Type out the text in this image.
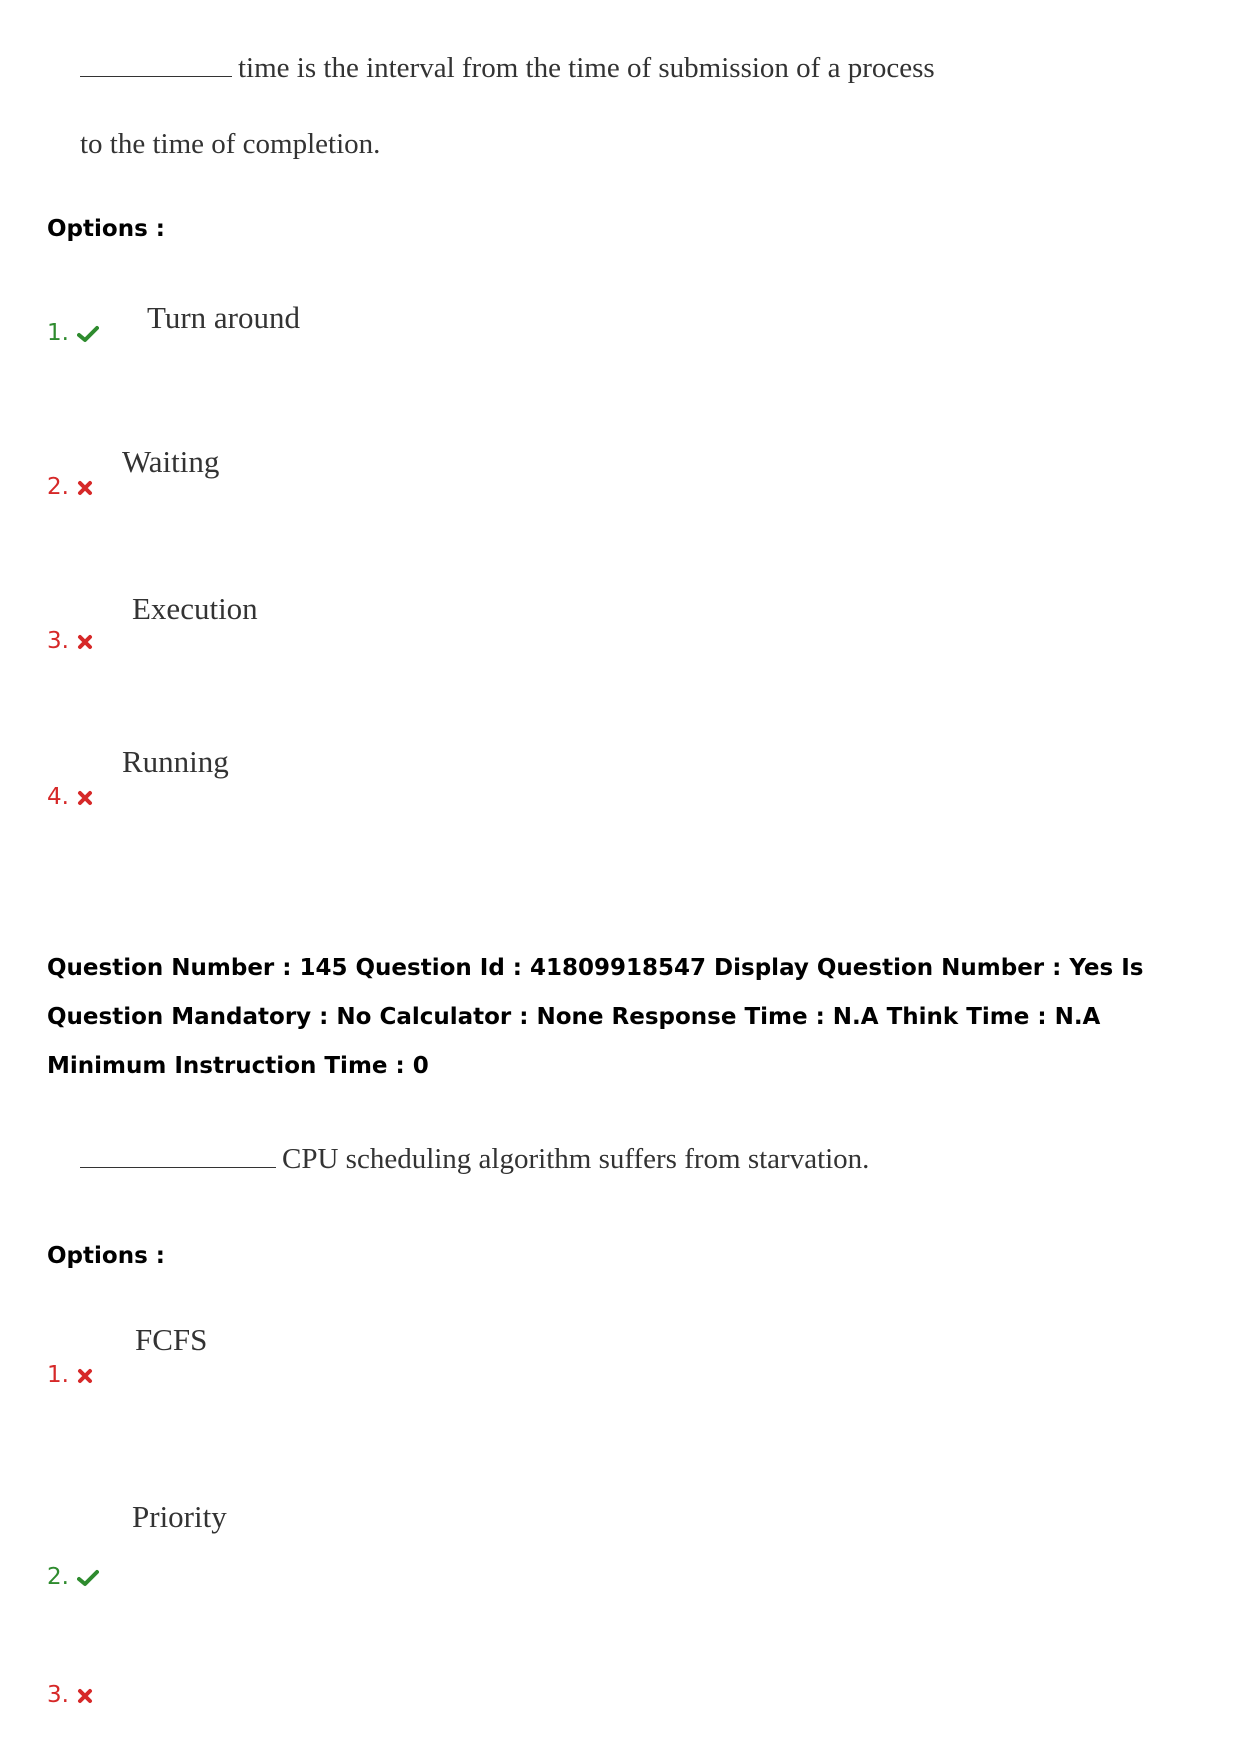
time is the interval from the time of submission of a process
to the time of completion.
Options :
Turn around
1.
Waiting
2.
Execution
3.
Running
4.
Question Number : 145 Question Id : 41809918547 Display Question Number : Yes Is Question Mandatory : No Calculator : None Response Time : N.A Think Time : N.A Minimum Instruction Time : 0
CPU scheduling algorithm suffers from starvation.
Options :
FCFS
1.
Priority
2.
3.
